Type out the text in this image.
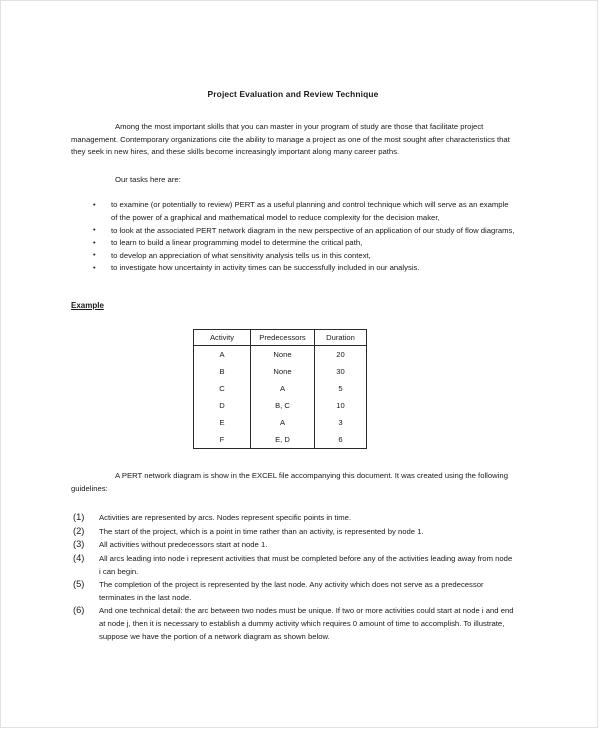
Project Evaluation and Review Technique

Among the most important skills that you can master in your program of study are those that facilitate project management. Contemporary organizations cite the ability to manage a project as one of the most sought after characteristics that they seek in new hires, and these skills become increasingly important along many career paths.

Our tasks here are:

• to examine (or potentially to review) PERT as a useful planning and control technique which will serve as an example of the power of a graphical and mathematical model to reduce complexity for the decision maker,
• to look at the associated PERT network diagram in the new perspective of an application of our study of flow diagrams,
• to learn to build a linear programming model to determine the critical path,
• to develop an appreciation of what sensitivity analysis tells us in this context,
• to investigate how uncertainty in activity times can be successfully included in our analysis.
Example
Activity	Predecessors	Duration
A	None	20
B	None	30
C	A	5
D	B, C	10
E	A	3
F	E, D	6

A PERT network diagram is show in the EXCEL file accompanying this document. It was created using the following guidelines:

(1) Activities are represented by arcs. Nodes represent specific points in time.
(2) The start of the project, which is a point in time rather than an activity, is represented by node 1.
(3) All activities without predecessors start at node 1.
(4) All arcs leading into node i represent activities that must be completed before any of the activities leading away from node i can begin.
(5) The completion of the project is represented by the last node. Any activity which does not serve as a predecessor terminates in the last node.
(6) And one technical detail: the arc between two nodes must be unique. If two or more activities could start at node i and end at node j, then it is necessary to establish a dummy activity which requires 0 amount of time to accomplish. To illustrate, suppose we have the portion of a network diagram as shown below.
